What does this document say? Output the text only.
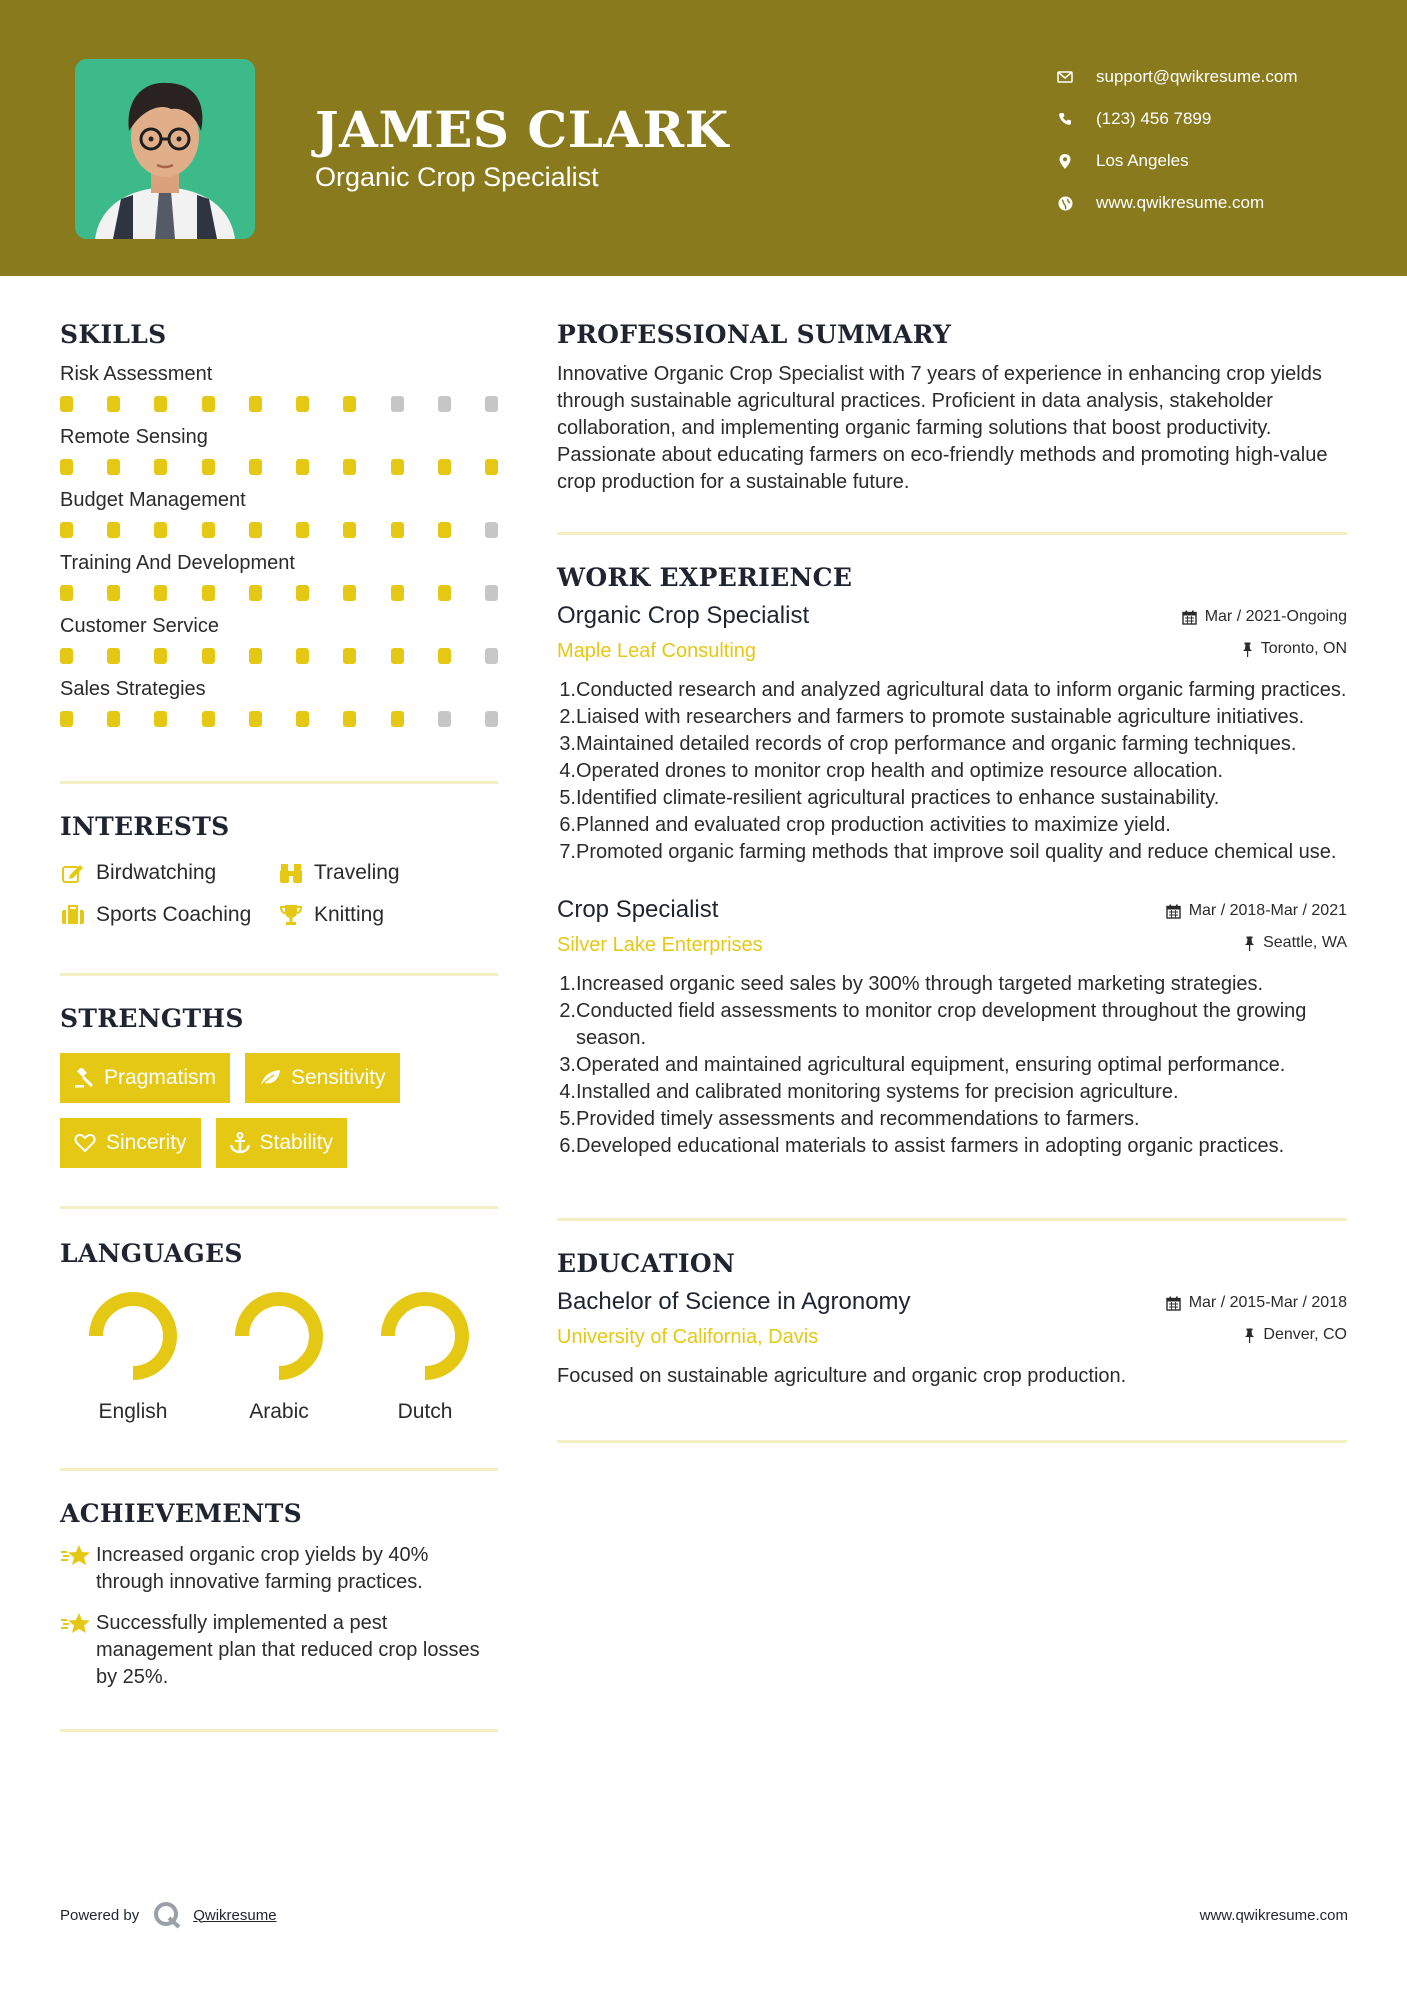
JAMES CLARK
Organic Crop Specialist
support@qwikresume.com
(123) 456 7899
Los Angeles
www.qwikresume.com
SKILLS
Risk Assessment
Remote Sensing
Budget Management
Training And Development
Customer Service
Sales Strategies
INTERESTS
Birdwatching	Traveling
Sports Coaching	Knitting
STRENGTHS
Pragmatism	Sensitivity
Sincerity	Stability
LANGUAGES
English	Arabic	Dutch
ACHIEVEMENTS
Increased organic crop yields by 40% through innovative farming practices.
Successfully implemented a pest management plan that reduced crop losses by 25%.
PROFESSIONAL SUMMARY
Innovative Organic Crop Specialist with 7 years of experience in enhancing crop yields through sustainable agricultural practices. Proficient in data analysis, stakeholder collaboration, and implementing organic farming solutions that boost productivity. Passionate about educating farmers on eco-friendly methods and promoting high-value crop production for a sustainable future.
WORK EXPERIENCE
Organic Crop Specialist
Maple Leaf Consulting
Mar / 2021-Ongoing
Toronto, ON
1. Conducted research and analyzed agricultural data to inform organic farming practices.
2. Liaised with researchers and farmers to promote sustainable agriculture initiatives.
3. Maintained detailed records of crop performance and organic farming techniques.
4. Operated drones to monitor crop health and optimize resource allocation.
5. Identified climate-resilient agricultural practices to enhance sustainability.
6. Planned and evaluated crop production activities to maximize yield.
7. Promoted organic farming methods that improve soil quality and reduce chemical use.
Crop Specialist
Silver Lake Enterprises
Mar / 2018-Mar / 2021
Seattle, WA
1. Increased organic seed sales by 300% through targeted marketing strategies.
2. Conducted field assessments to monitor crop development throughout the growing season.
3. Operated and maintained agricultural equipment, ensuring optimal performance.
4. Installed and calibrated monitoring systems for precision agriculture.
5. Provided timely assessments and recommendations to farmers.
6. Developed educational materials to assist farmers in adopting organic practices.
EDUCATION
Bachelor of Science in Agronomy
University of California, Davis
Mar / 2015-Mar / 2018
Denver, CO
Focused on sustainable agriculture and organic crop production.
Powered by	Qwikresume	www.qwikresume.com
